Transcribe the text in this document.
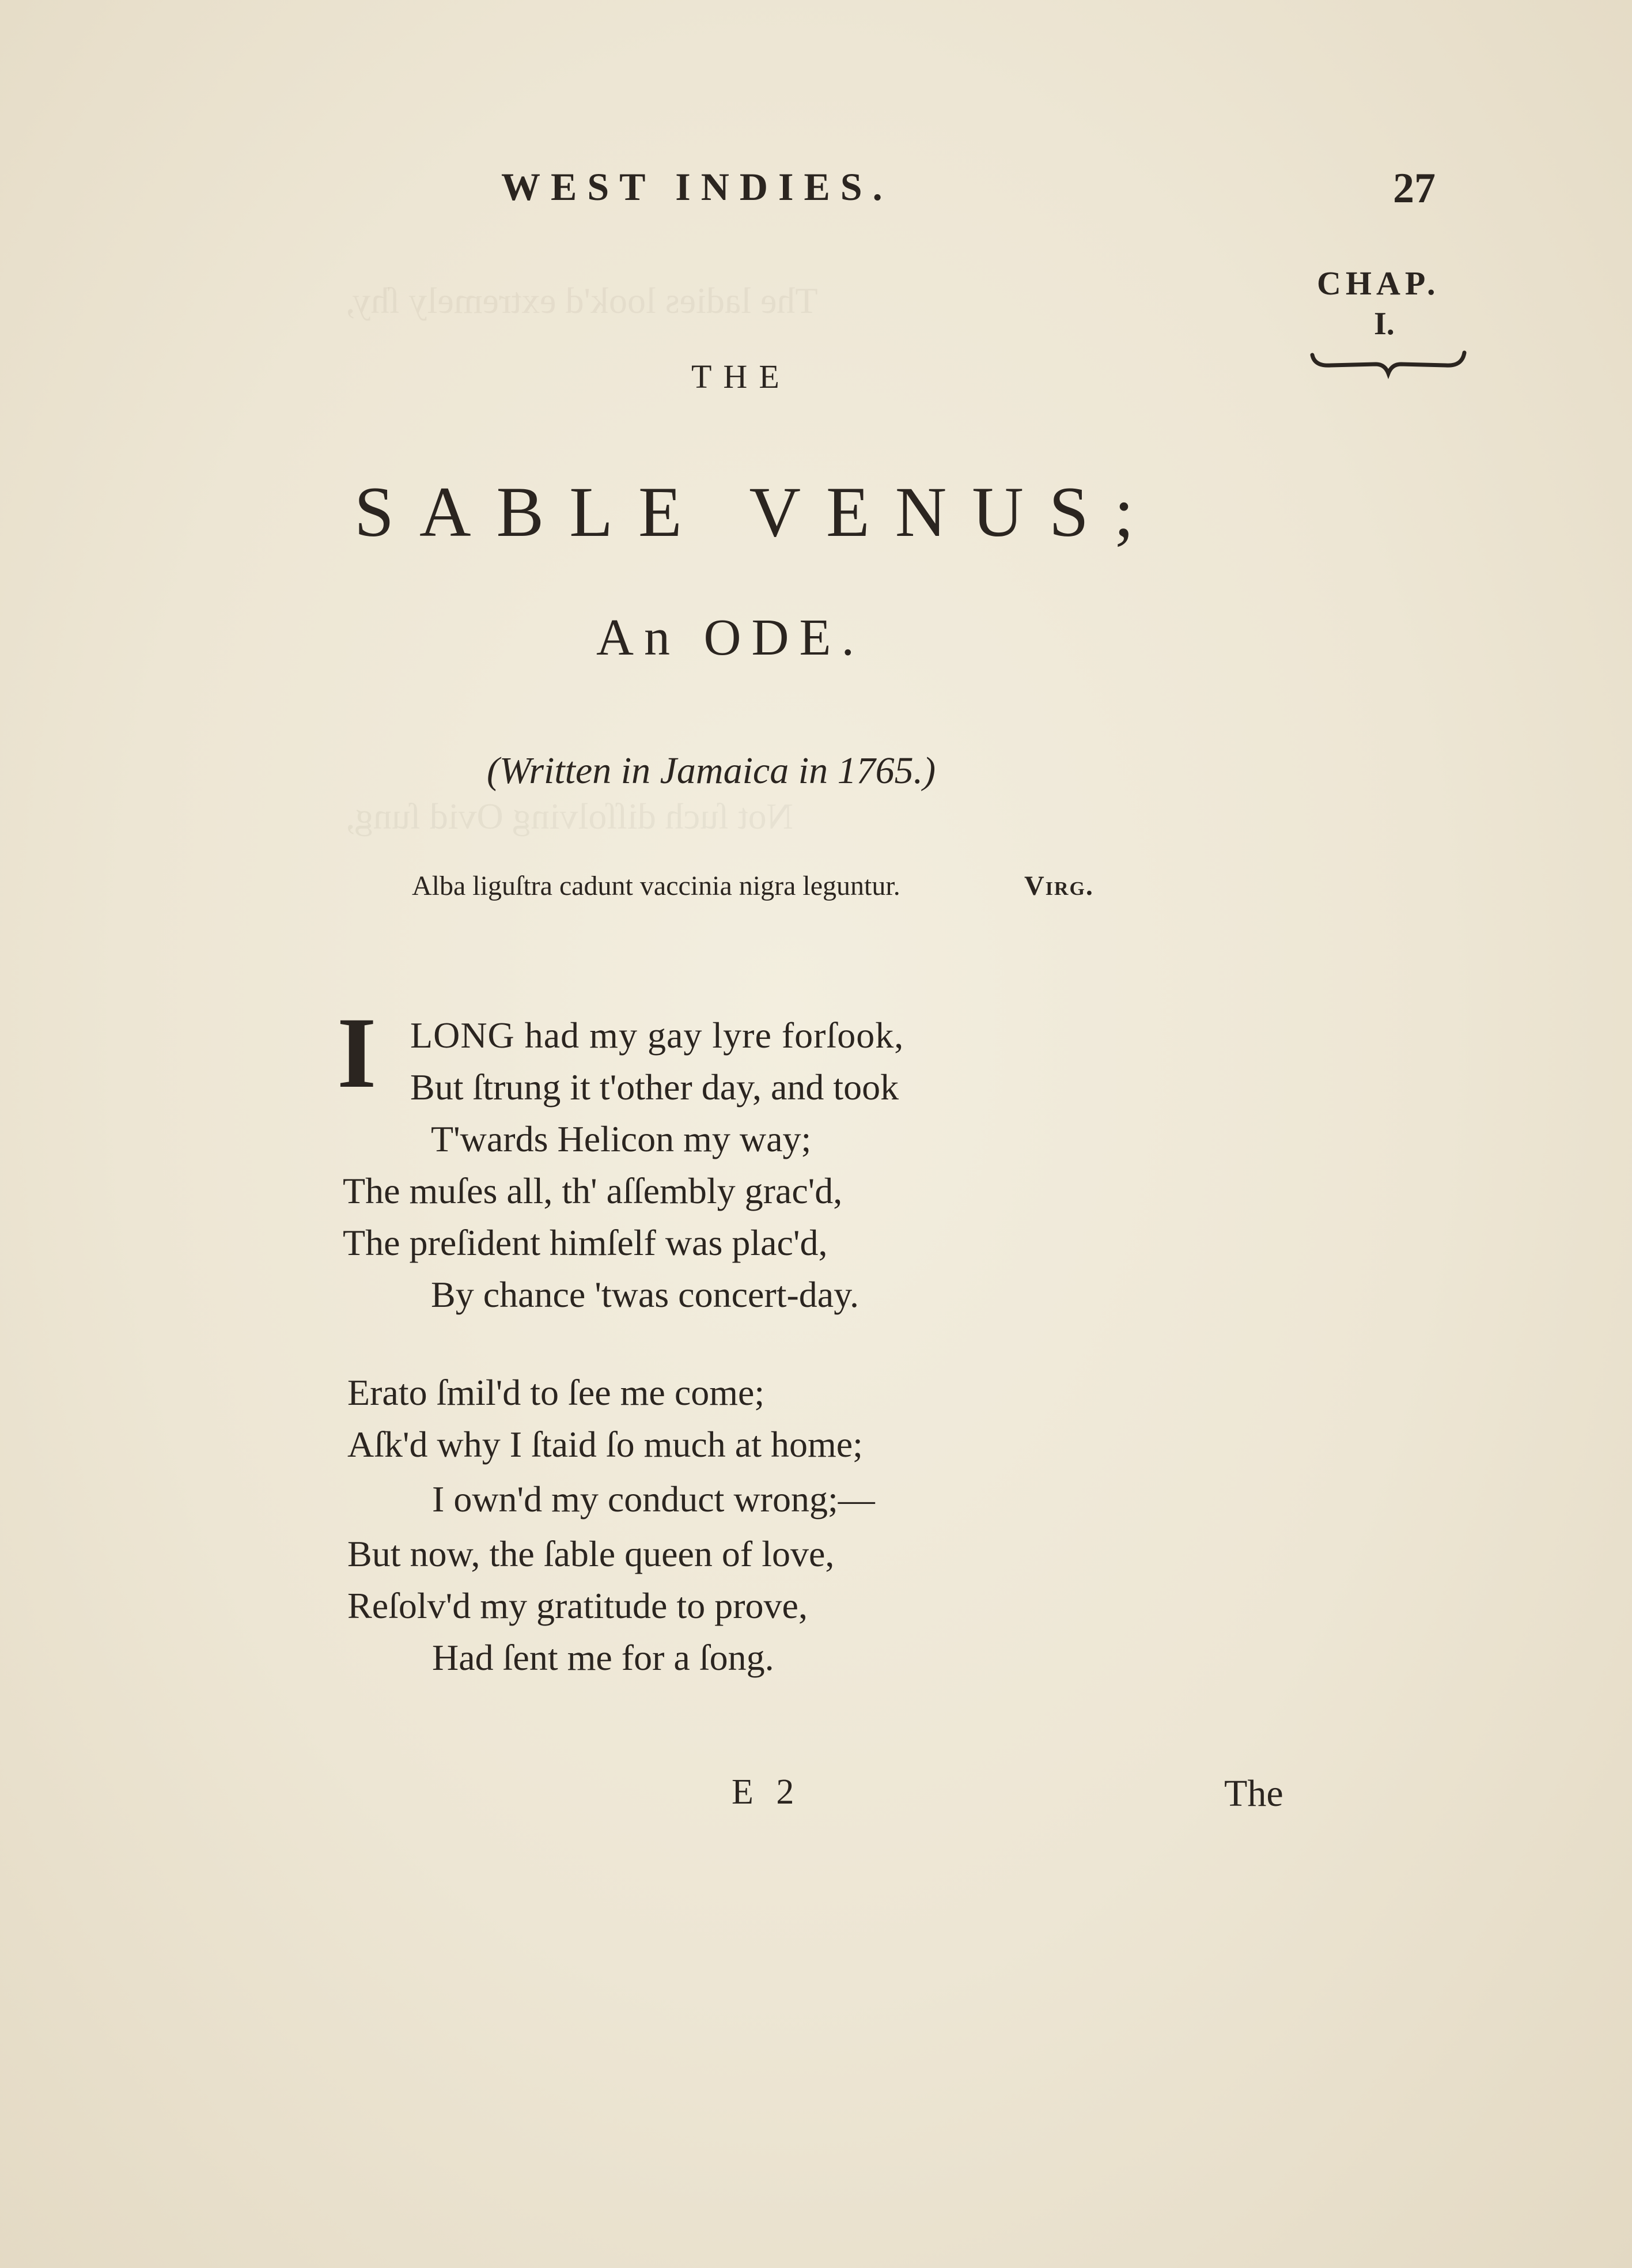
The ladies look'd extremely ſhy,
Not ſuch diſſolving Ovid ſung,
WEST INDIES.	27
CHAP.
I.
THE
SABLE VENUS;
An ODE.
(Written in Jamaica in 1765.)
Alba liguſtra cadunt vaccinia nigra leguntur.	Virg.
I LONG had my gay lyre forſook,
But ſtrung it t'other day, and took
T'wards Helicon my way;
The muſes all, th' aſſembly grac'd,
The preſident himſelf was plac'd,
By chance 'twas concert-day.
Erato ſmil'd to ſee me come;
Aſk'd why I ſtaid ſo much at home;
I own'd my conduct wrong;—
But now, the ſable queen of love,
Reſolv'd my gratitude to prove,
Had ſent me for a ſong.
E 2	The
